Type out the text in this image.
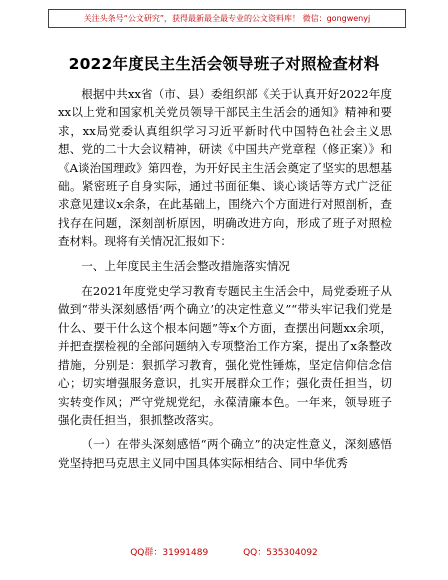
关注头条号“公文研究”，获得最新最全最专业的公文资料库！ 微信：gongwenyj
2022年度民主生活会领导班子对照检查材料

根据中共xx省（市、县）委组织部《关于认真开好2022年度xx以上党和国家机关党员领导干部民主生活会的通知》精神和要求，xx局党委认真组织学习习近平新时代中国特色社会主义思想、党的二十大会议精神，研读《中国共产党章程（修正案）》和《A谈治国理政》第四卷，为开好民主生活会奠定了坚实的思想基础。紧密班子自身实际，通过书面征集、谈心谈话等方式广泛征求意见建议x余条，在此基础上，围绕六个方面进行对照剖析，查找存在问题，深刻剖析原因，明确改进方向，形成了班子对照检查材料。现将有关情况汇报如下：

一、上年度民主生活会整改措施落实情况

在2021年度党史学习教育专题民主生活会中，局党委班子从做到“带头深刻感悟‘两个确立’的决定性意义”“带头牢记我们党是什么、要干什么这个根本问题”等x个方面，查摆出问题xx余项，并把查摆检视的全部问题纳入专项整治工作方案，提出了x条整改措施，分别是：狠抓学习教育，强化党性锤炼，坚定信仰信念信心；切实增强服务意识，扎实开展群众工作；强化责任担当，切实转变作风；严守党规党纪，永葆清廉本色。一年来，领导班子强化责任担当，狠抓整改落实。

（一）在带头深刻感悟“两个确立”的决定性意义，深刻感悟党坚持把马克思主义同中国具体实际相结合、同中华优秀

QQ群：31991489	QQ：535304092
